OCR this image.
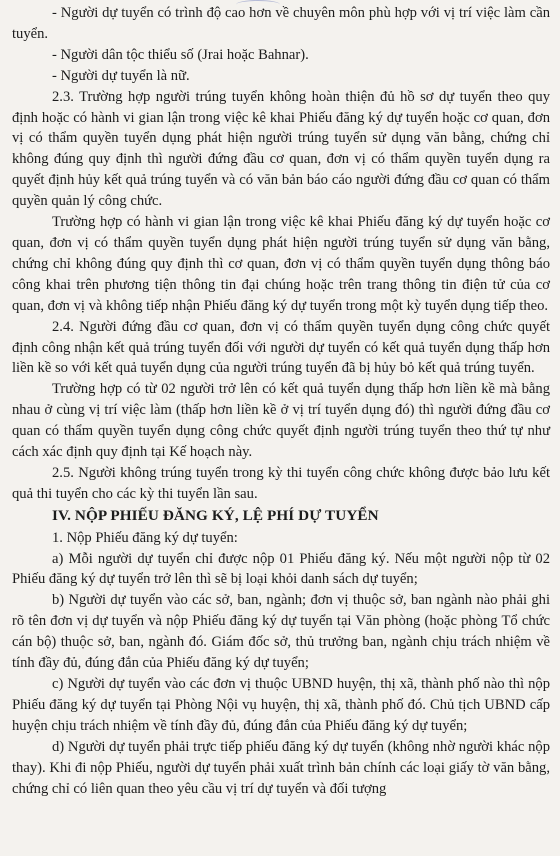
- Người dự tuyển có trình độ cao hơn về chuyên môn phù hợp với vị trí việc làm cần tuyển.

- Người dân tộc thiểu số (Jrai hoặc Bahnar).

- Người dự tuyển là nữ.

2.3. Trường hợp người trúng tuyển không hoàn thiện đủ hồ sơ dự tuyển theo quy định hoặc có hành vi gian lận trong việc kê khai Phiếu đăng ký dự tuyển hoặc cơ quan, đơn vị có thẩm quyền tuyển dụng phát hiện người trúng tuyển sử dụng văn bằng, chứng chỉ không đúng quy định thì người đứng đầu cơ quan, đơn vị có thẩm quyền tuyển dụng ra quyết định hủy kết quả trúng tuyển và có văn bản báo cáo người đứng đầu cơ quan có thẩm quyền quản lý công chức.

Trường hợp có hành vi gian lận trong việc kê khai Phiếu đăng ký dự tuyển hoặc cơ quan, đơn vị có thẩm quyền tuyển dụng phát hiện người trúng tuyển sử dụng văn bằng, chứng chỉ không đúng quy định thì cơ quan, đơn vị có thẩm quyền tuyển dụng thông báo công khai trên phương tiện thông tin đại chúng hoặc trên trang thông tin điện tử của cơ quan, đơn vị và không tiếp nhận Phiếu đăng ký dự tuyển trong một kỳ tuyển dụng tiếp theo.

2.4. Người đứng đầu cơ quan, đơn vị có thẩm quyền tuyển dụng công chức quyết định công nhận kết quả trúng tuyển đối với người dự tuyển có kết quả tuyển dụng thấp hơn liền kề so với kết quả tuyển dụng của người trúng tuyển đã bị hủy bỏ kết quả trúng tuyển.

Trường hợp có từ 02 người trở lên có kết quả tuyển dụng thấp hơn liền kề mà bằng nhau ở cùng vị trí việc làm (thấp hơn liền kề ở vị trí tuyển dụng đó) thì người đứng đầu cơ quan có thẩm quyền tuyển dụng công chức quyết định người trúng tuyển theo thứ tự như cách xác định quy định tại Kế hoạch này.

2.5. Người không trúng tuyển trong kỳ thi tuyển công chức không được bảo lưu kết quả thi tuyển cho các kỳ thi tuyển lần sau.

IV. NỘP PHIẾU ĐĂNG KÝ, LỆ PHÍ DỰ TUYỂN

1. Nộp Phiếu đăng ký dự tuyển:

a) Mỗi người dự tuyển chỉ được nộp 01 Phiếu đăng ký. Nếu một người nộp từ 02 Phiếu đăng ký dự tuyển trở lên thì sẽ bị loại khỏi danh sách dự tuyển;

b) Người dự tuyển vào các sở, ban, ngành; đơn vị thuộc sở, ban ngành nào phải ghi rõ tên đơn vị dự tuyển và nộp Phiếu đăng ký dự tuyển tại Văn phòng (hoặc phòng Tổ chức cán bộ) thuộc sở, ban, ngành đó. Giám đốc sở, thủ trưởng ban, ngành chịu trách nhiệm về tính đầy đủ, đúng đắn của Phiếu đăng ký dự tuyển;

c) Người dự tuyển vào các đơn vị thuộc UBND huyện, thị xã, thành phố nào thì nộp Phiếu đăng ký dự tuyển tại Phòng Nội vụ huyện, thị xã, thành phố đó. Chủ tịch UBND cấp huyện chịu trách nhiệm về tính đầy đủ, đúng đắn của Phiếu đăng ký dự tuyển;

d) Người dự tuyển phải trực tiếp phiếu đăng ký dự tuyển (không nhờ người khác nộp thay). Khi đi nộp Phiếu, người dự tuyển phải xuất trình bản chính các loại giấy tờ văn bằng, chứng chỉ có liên quan theo yêu cầu vị trí dự tuyển và đối tượng
